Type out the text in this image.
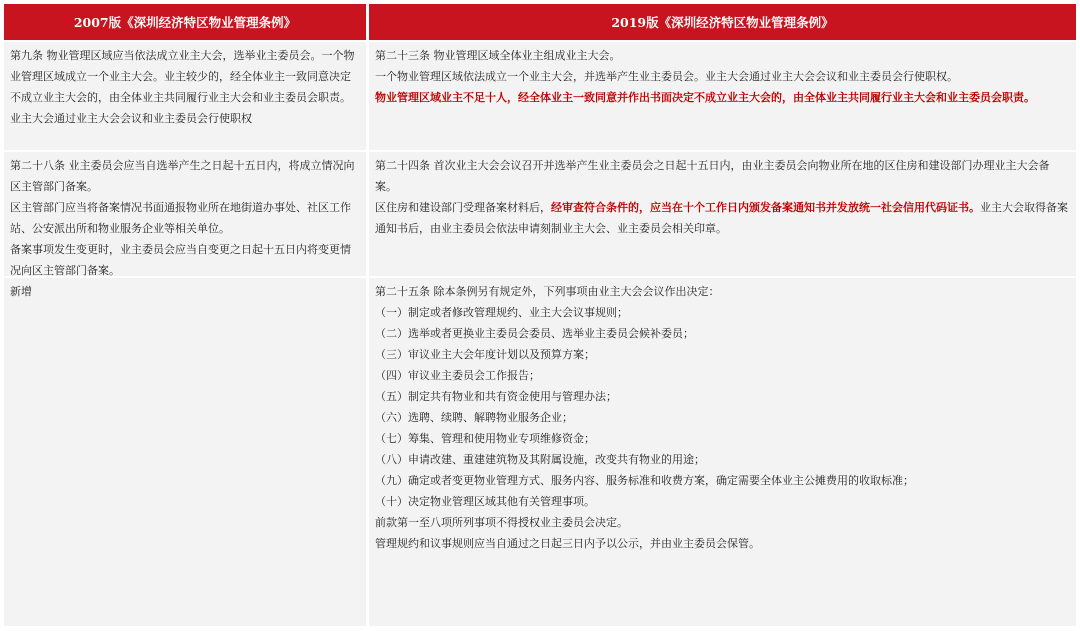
2007版《深圳经济特区物业管理条例》	2019版《深圳经济特区物业管理条例》

第九条 物业管理区域应当依法成立业主大会，选举业主委员会。一个物业管理区域成立一个业主大会。业主较少的，经全体业主一致同意决定不成立业主大会的，由全体业主共同履行业主大会和业主委员会职责。

业主大会通过业主大会会议和业主委员会行使职权

第二十三条 物业管理区域全体业主组成业主大会。

一个物业管理区域依法成立一个业主大会，并选举产生业主委员会。业主大会通过业主大会会议和业主委员会行使职权。

物业管理区域业主不足十人，经全体业主一致同意并作出书面决定不成立业主大会的，由全体业主共同履行业主大会和业主委员会职责。

第二十八条 业主委员会应当自选举产生之日起十五日内，将成立情况向区主管部门备案。

区主管部门应当将备案情况书面通报物业所在地街道办事处、社区工作站、公安派出所和物业服务企业等相关单位。

备案事项发生变更时，业主委员会应当自变更之日起十五日内将变更情况向区主管部门备案。

第二十四条 首次业主大会会议召开并选举产生业主委员会之日起十五日内，由业主委员会向物业所在地的区住房和建设部门办理业主大会备案。

区住房和建设部门受理备案材料后，经审查符合条件的，应当在十个工作日内颁发备案通知书并发放统一社会信用代码证书。业主大会取得备案通知书后，由业主委员会依法申请刻制业主大会、业主委员会相关印章。

新增	第二十五条 除本条例另有规定外，下列事项由业主大会会议作出决定：

（一）制定或者修改管理规约、业主大会议事规则；

（二）选举或者更换业主委员会委员、选举业主委员会候补委员；

（三）审议业主大会年度计划以及预算方案；

（四）审议业主委员会工作报告；

（五）制定共有物业和共有资金使用与管理办法；

（六）选聘、续聘、解聘物业服务企业；

（七）筹集、管理和使用物业专项维修资金；

（八）申请改建、重建建筑物及其附属设施，改变共有物业的用途；

（九）确定或者变更物业管理方式、服务内容、服务标准和收费方案，确定需要全体业主公摊费用的收取标准；

（十）决定物业管理区域其他有关管理事项。

前款第一至八项所列事项不得授权业主委员会决定。

管理规约和议事规则应当自通过之日起三日内予以公示，并由业主委员会保管。
